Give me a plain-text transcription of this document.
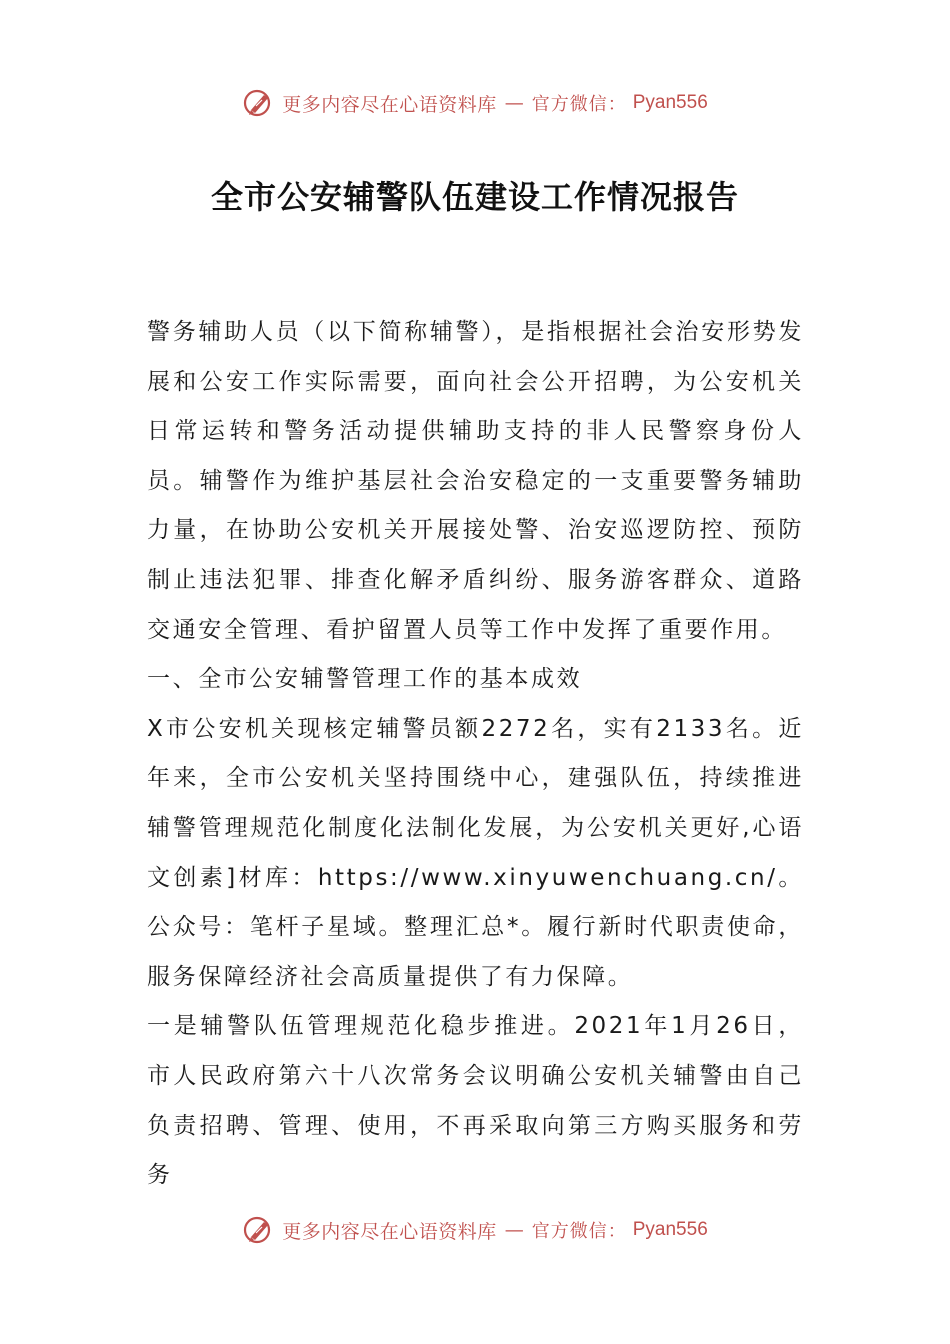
更多内容尽在心语资料库 — 官方微信： Pyan556
全市公安辅警队伍建设工作情况报告

警务辅助人员（以下简称辅警），是指根据社会治安形势发展和公安工作实际需要，面向社会公开招聘，为公安机关日常运转和警务活动提供辅助支持的非人民警察身份人员。辅警作为维护基层社会治安稳定的一支重要警务辅助力量，在协助公安机关开展接处警、治安巡逻防控、预防制止违法犯罪、排查化解矛盾纠纷、服务游客群众、道路交通安全管理、看护留置人员等工作中发挥了重要作用。

一、全市公安辅警管理工作的基本成效

X市公安机关现核定辅警员额2272名，实有2133名。近年来，全市公安机关坚持围绕中心，建强队伍，持续推进辅警管理规范化制度化法制化发展，为公安机关更好,心语文创素]材库：https://www.xinyuwenchuang.cn/。公众号：笔杆子星域。整理汇总*。履行新时代职责使命，服务保障经济社会高质量提供了有力保障。

一是辅警队伍管理规范化稳步推进。2021年1月26日，市人民政府第六十八次常务会议明确公安机关辅警由自己负责招聘、管理、使用，不再采取向第三方购买服务和劳务

更多内容尽在心语资料库 — 官方微信： Pyan556
